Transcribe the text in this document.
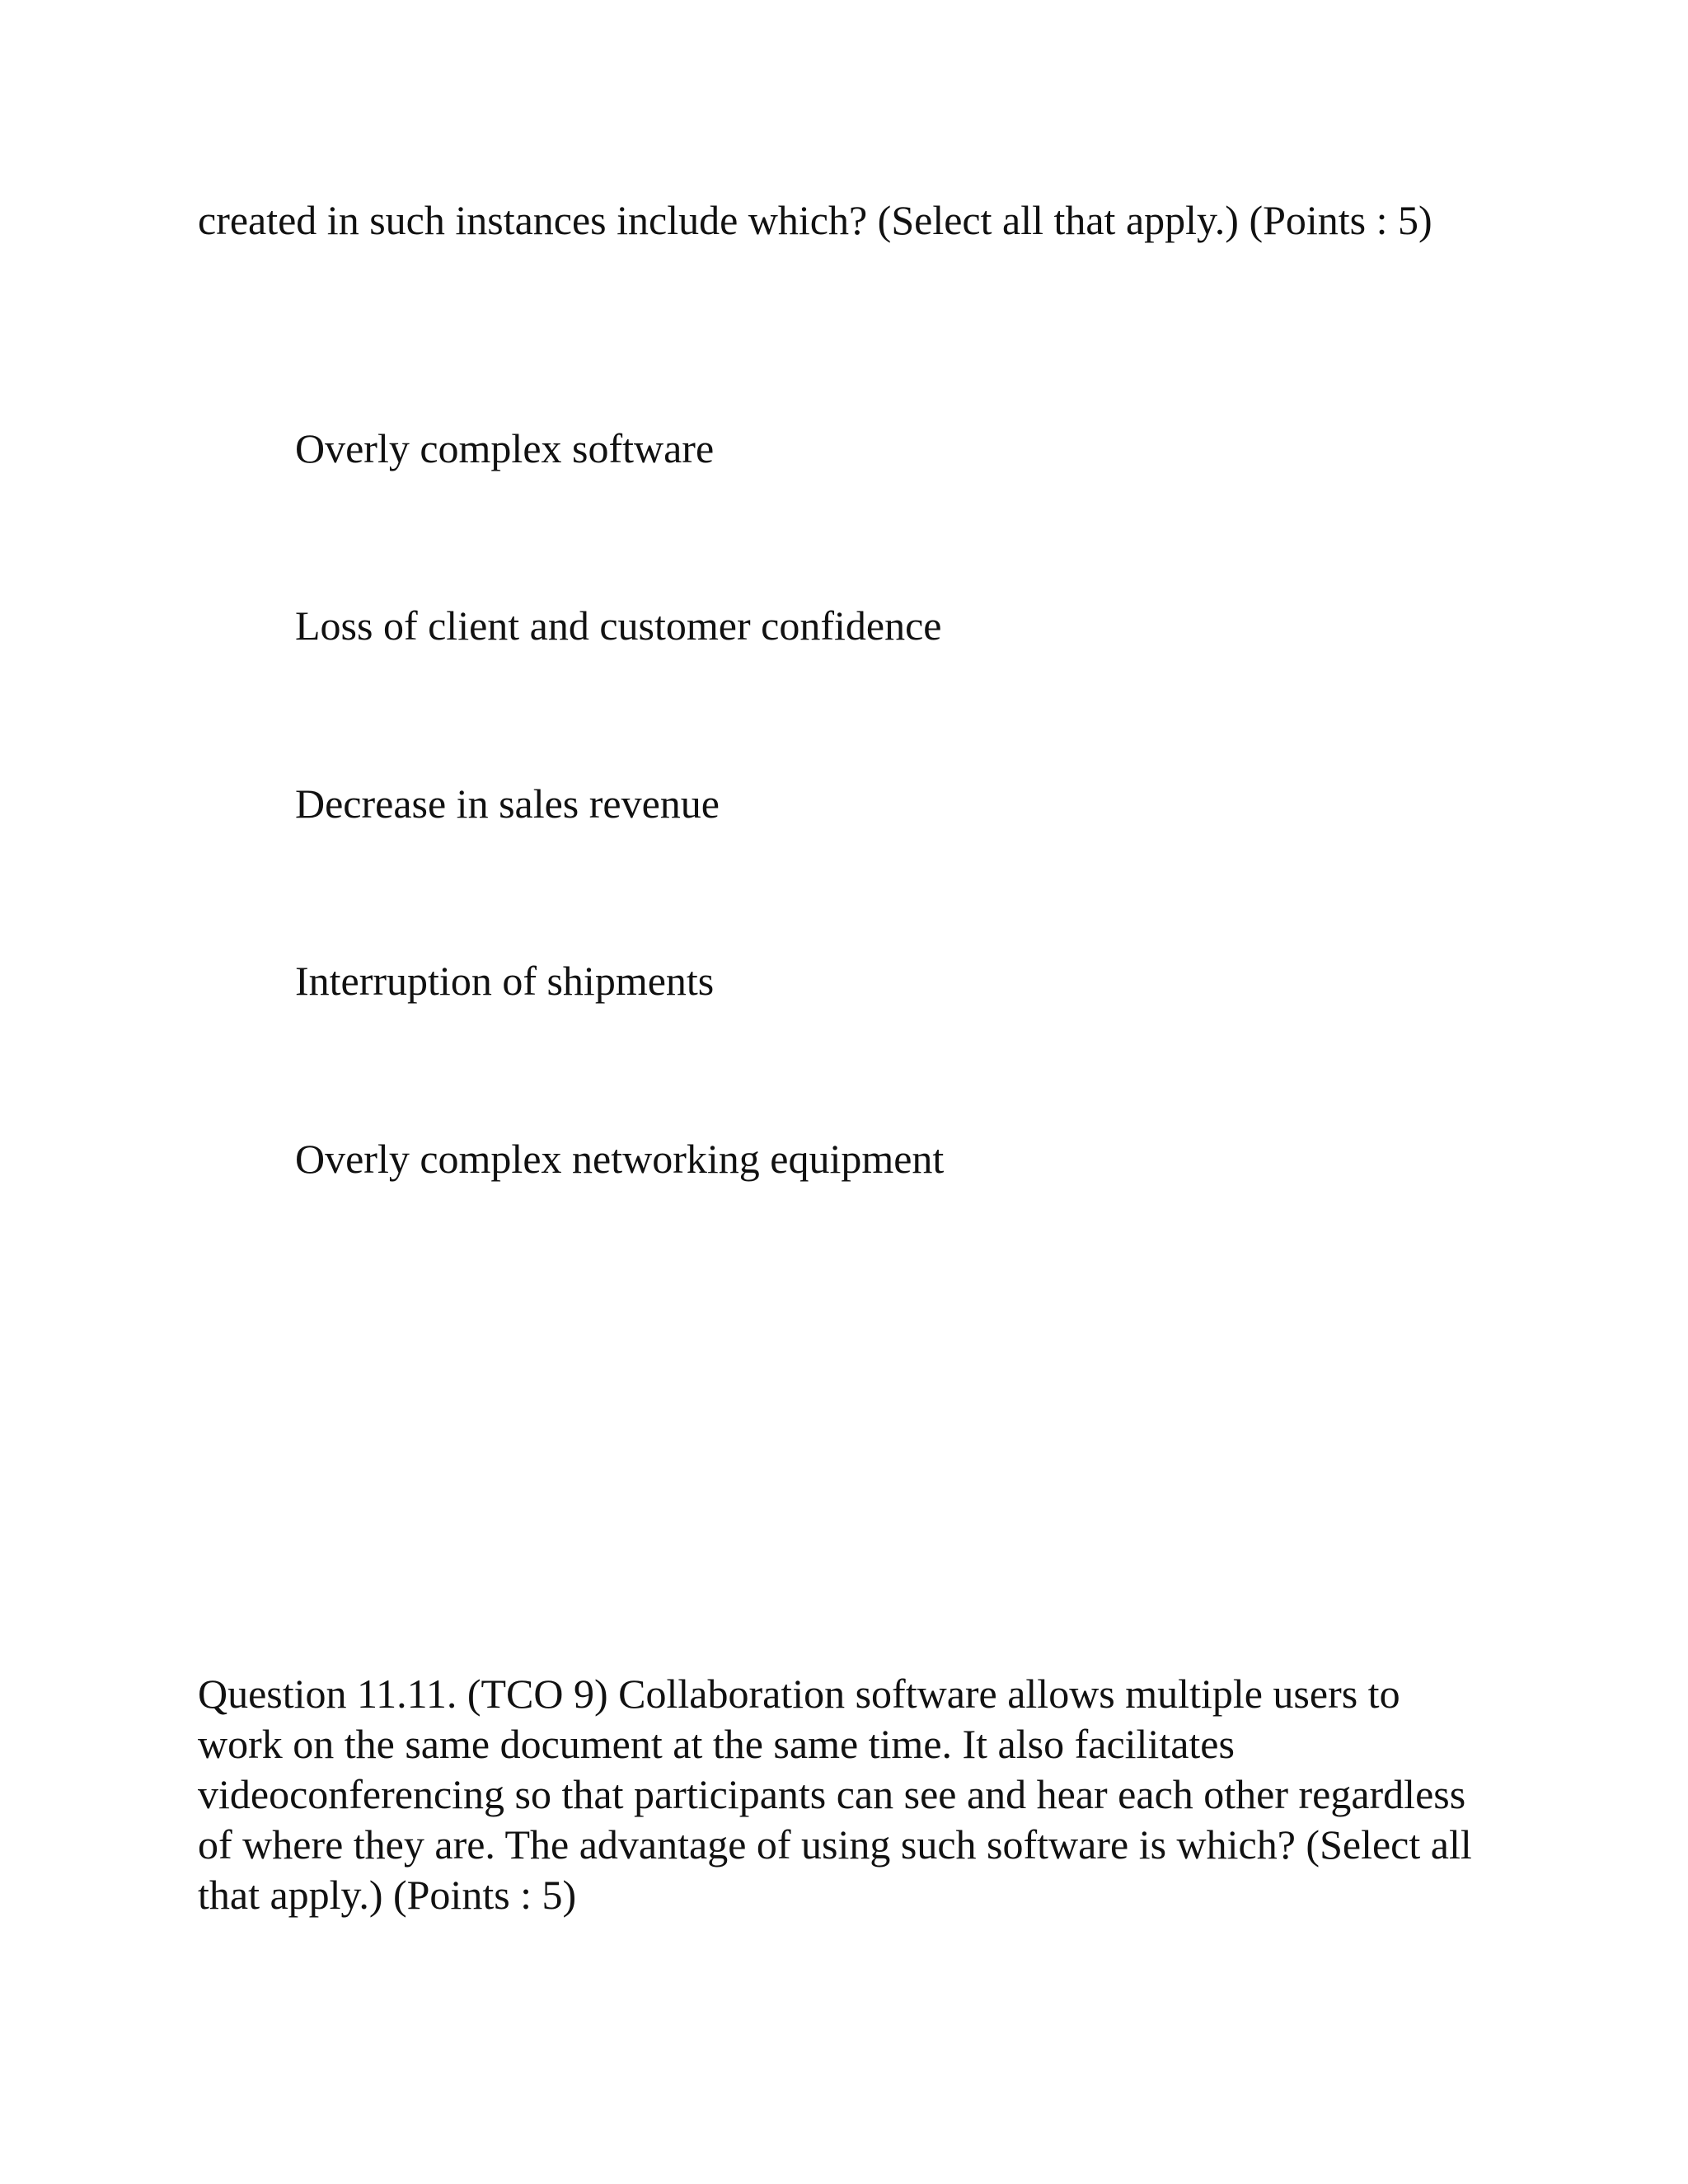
created in such instances include which? (Select all that apply.) (Points : 5)

Overly complex software

Loss of client and customer confidence

Decrease in sales revenue

Interruption of shipments

Overly complex networking equipment

Question 11.11. (TCO 9) Collaboration software allows multiple users to work on the same document at the same time. It also facilitates videoconferencing so that participants can see and hear each other regardless of where they are. The advantage of using such software is which? (Select all that apply.) (Points : 5)
